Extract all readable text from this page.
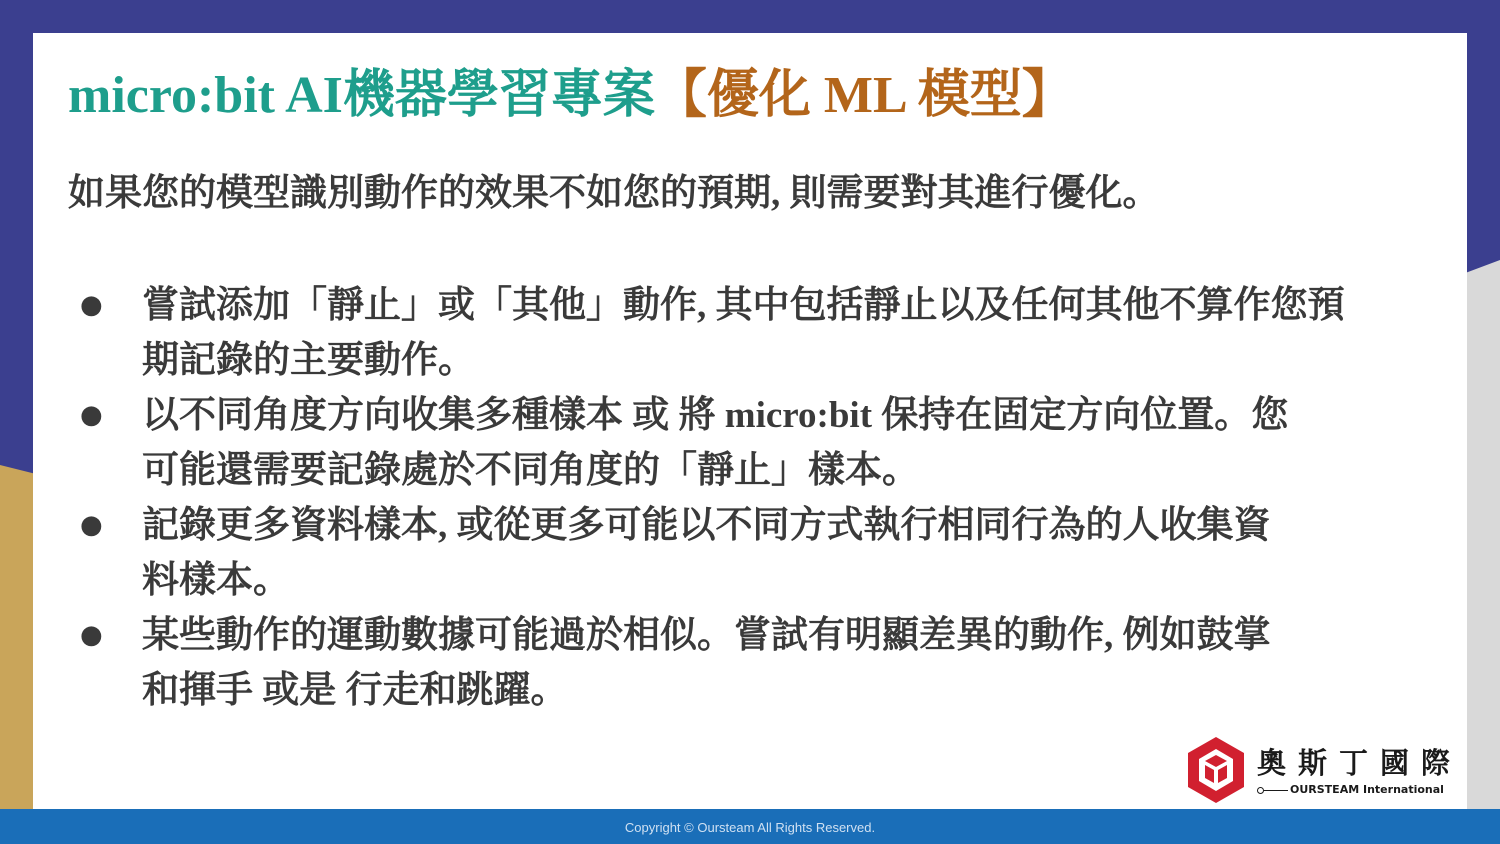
micro:bit AI機器學習專案【優化 ML 模型】

如果您的模型識別動作的效果不如您的預期, 則需要對其進行優化。

● 嘗試添加「靜止」或「其他」動作, 其中包括靜止以及任何其他不算作您預
期記錄的主要動作。
● 以不同角度方向收集多種樣本 或 將 micro:bit 保持在固定方向位置。您
可能還需要記錄處於不同角度的「靜止」樣本。
● 記錄更多資料樣本, 或從更多可能以不同方式執行相同行為的人收集資
料樣本。
● 某些動作的運動數據可能過於相似。嘗試有明顯差異的動作, 例如鼓掌
和揮手 或是 行走和跳躍。
奧斯丁國際
OURSTEAM International
Copyright © Oursteam All Rights Reserved.
